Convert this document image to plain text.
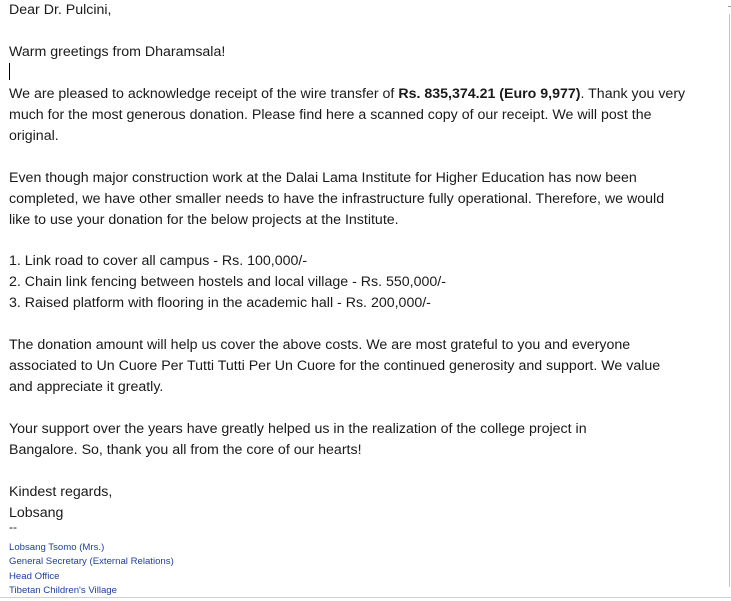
Dear Dr. Pulcini,
Warm greetings from Dharamsala!
We are pleased to acknowledge receipt of the wire transfer of Rs. 835,374.21 (Euro 9,977). Thank you very
much for the most generous donation. Please find here a scanned copy of our receipt. We will post the
original.
Even though major construction work at the Dalai Lama Institute for Higher Education has now been
completed, we have other smaller needs to have the infrastructure fully operational. Therefore, we would
like to use your donation for the below projects at the Institute.
1. Link road to cover all campus - Rs. 100,000/-
2. Chain link fencing between hostels and local village - Rs. 550,000/-
3. Raised platform with flooring in the academic hall - Rs. 200,000/-
The donation amount will help us cover the above costs. We are most grateful to you and everyone
associated to Un Cuore Per Tutti Tutti Per Un Cuore for the continued generosity and support. We value
and appreciate it greatly.
Your support over the years have greatly helped us in the realization of the college project in
Bangalore. So, thank you all from the core of our hearts!
Kindest regards,
Lobsang
--
Lobsang Tsomo (Mrs.)
General Secretary (External Relations)
Head Office
Tibetan Children's Village
